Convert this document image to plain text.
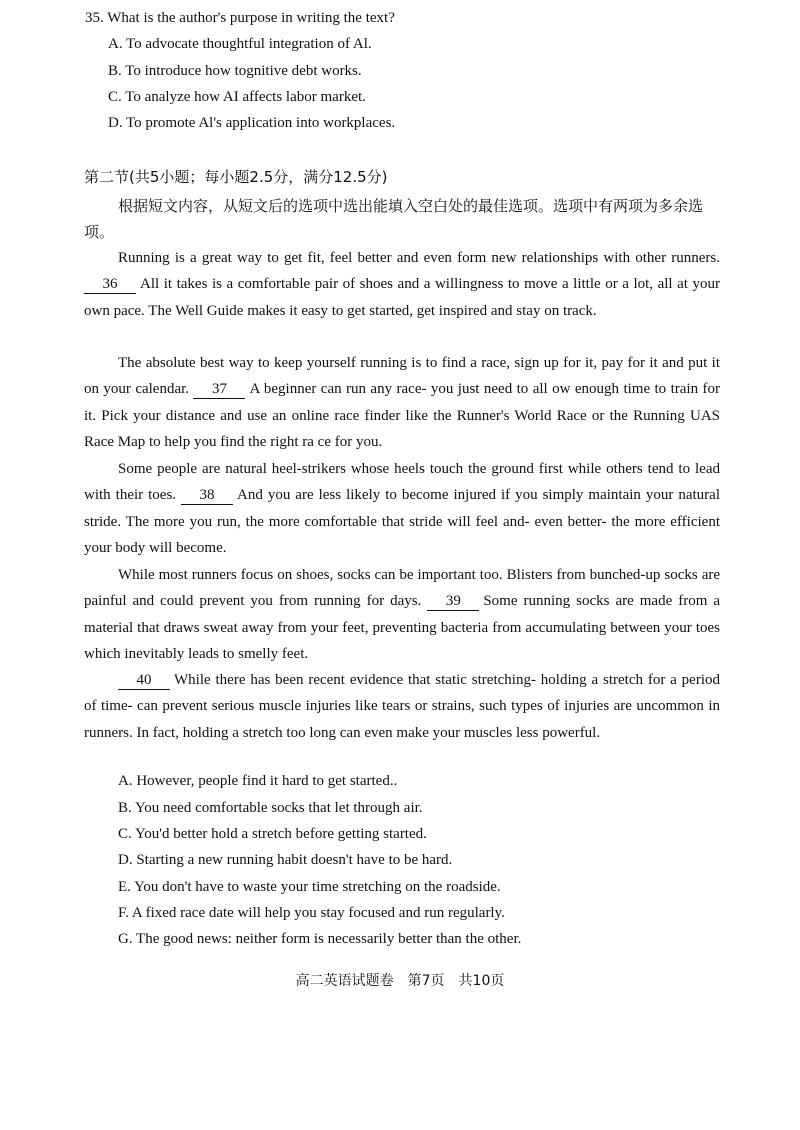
35. What is the author's purpose in writing the text?
A. To advocate thoughtful integration of Al.
B. To introduce how tognitive debt works.
C. To analyze how AI affects labor market.
D. To promote Al's application into workplaces.
第二节(共5小题；每小题2.5分，满分12.5分)
根据短文内容，从短文后的选项中选出能填入空白处的最佳选项。选项中有两项为多余选项。
Running is a great way to get fit, feel better and even form new relationships with other runners. 36 All it takes is a comfortable pair of shoes and a willingness to move a little or a lot, all at your own pace. The Well Guide makes it easy to get started, get inspired and stay on track.
The absolute best way to keep yourself running is to find a race, sign up for it, pay for it and put it on your calendar. 37 A beginner can run any race- you just need to all ow enough time to train for it. Pick your distance and use an online race finder like the Runner's World Race or the Running UAS Race Map to help you find the right ra ce for you.
Some people are natural heel-strikers whose heels touch the ground first while others tend to lead with their toes. 38 And you are less likely to become injured if you simply maintain your natural stride. The more you run, the more comfortable that stride will feel and- even better- the more efficient your body will become.
While most runners focus on shoes, socks can be important too. Blisters from bunched-up socks are painful and could prevent you from running for days. 39 Some running socks are made from a material that draws sweat away from your feet, preventing bacteria from accumulating between your toes which inevitably leads to smelly feet.
40 While there has been recent evidence that static stretching- holding a stretch for a period of time- can prevent serious muscle injuries like tears or strains, such types of injuries are uncommon in runners. In fact, holding a stretch too long can even make your muscles less powerful.
A. However, people find it hard to get started..
B. You need comfortable socks that let through air.
C. You'd better hold a stretch before getting started.
D. Starting a new running habit doesn't have to be hard.
E. You don't have to waste your time stretching on the roadside.
F. A fixed race date will help you stay focused and run regularly.
G. The good news: neither form is necessarily better than the other.
高二英语试题卷　第7页　共10页
